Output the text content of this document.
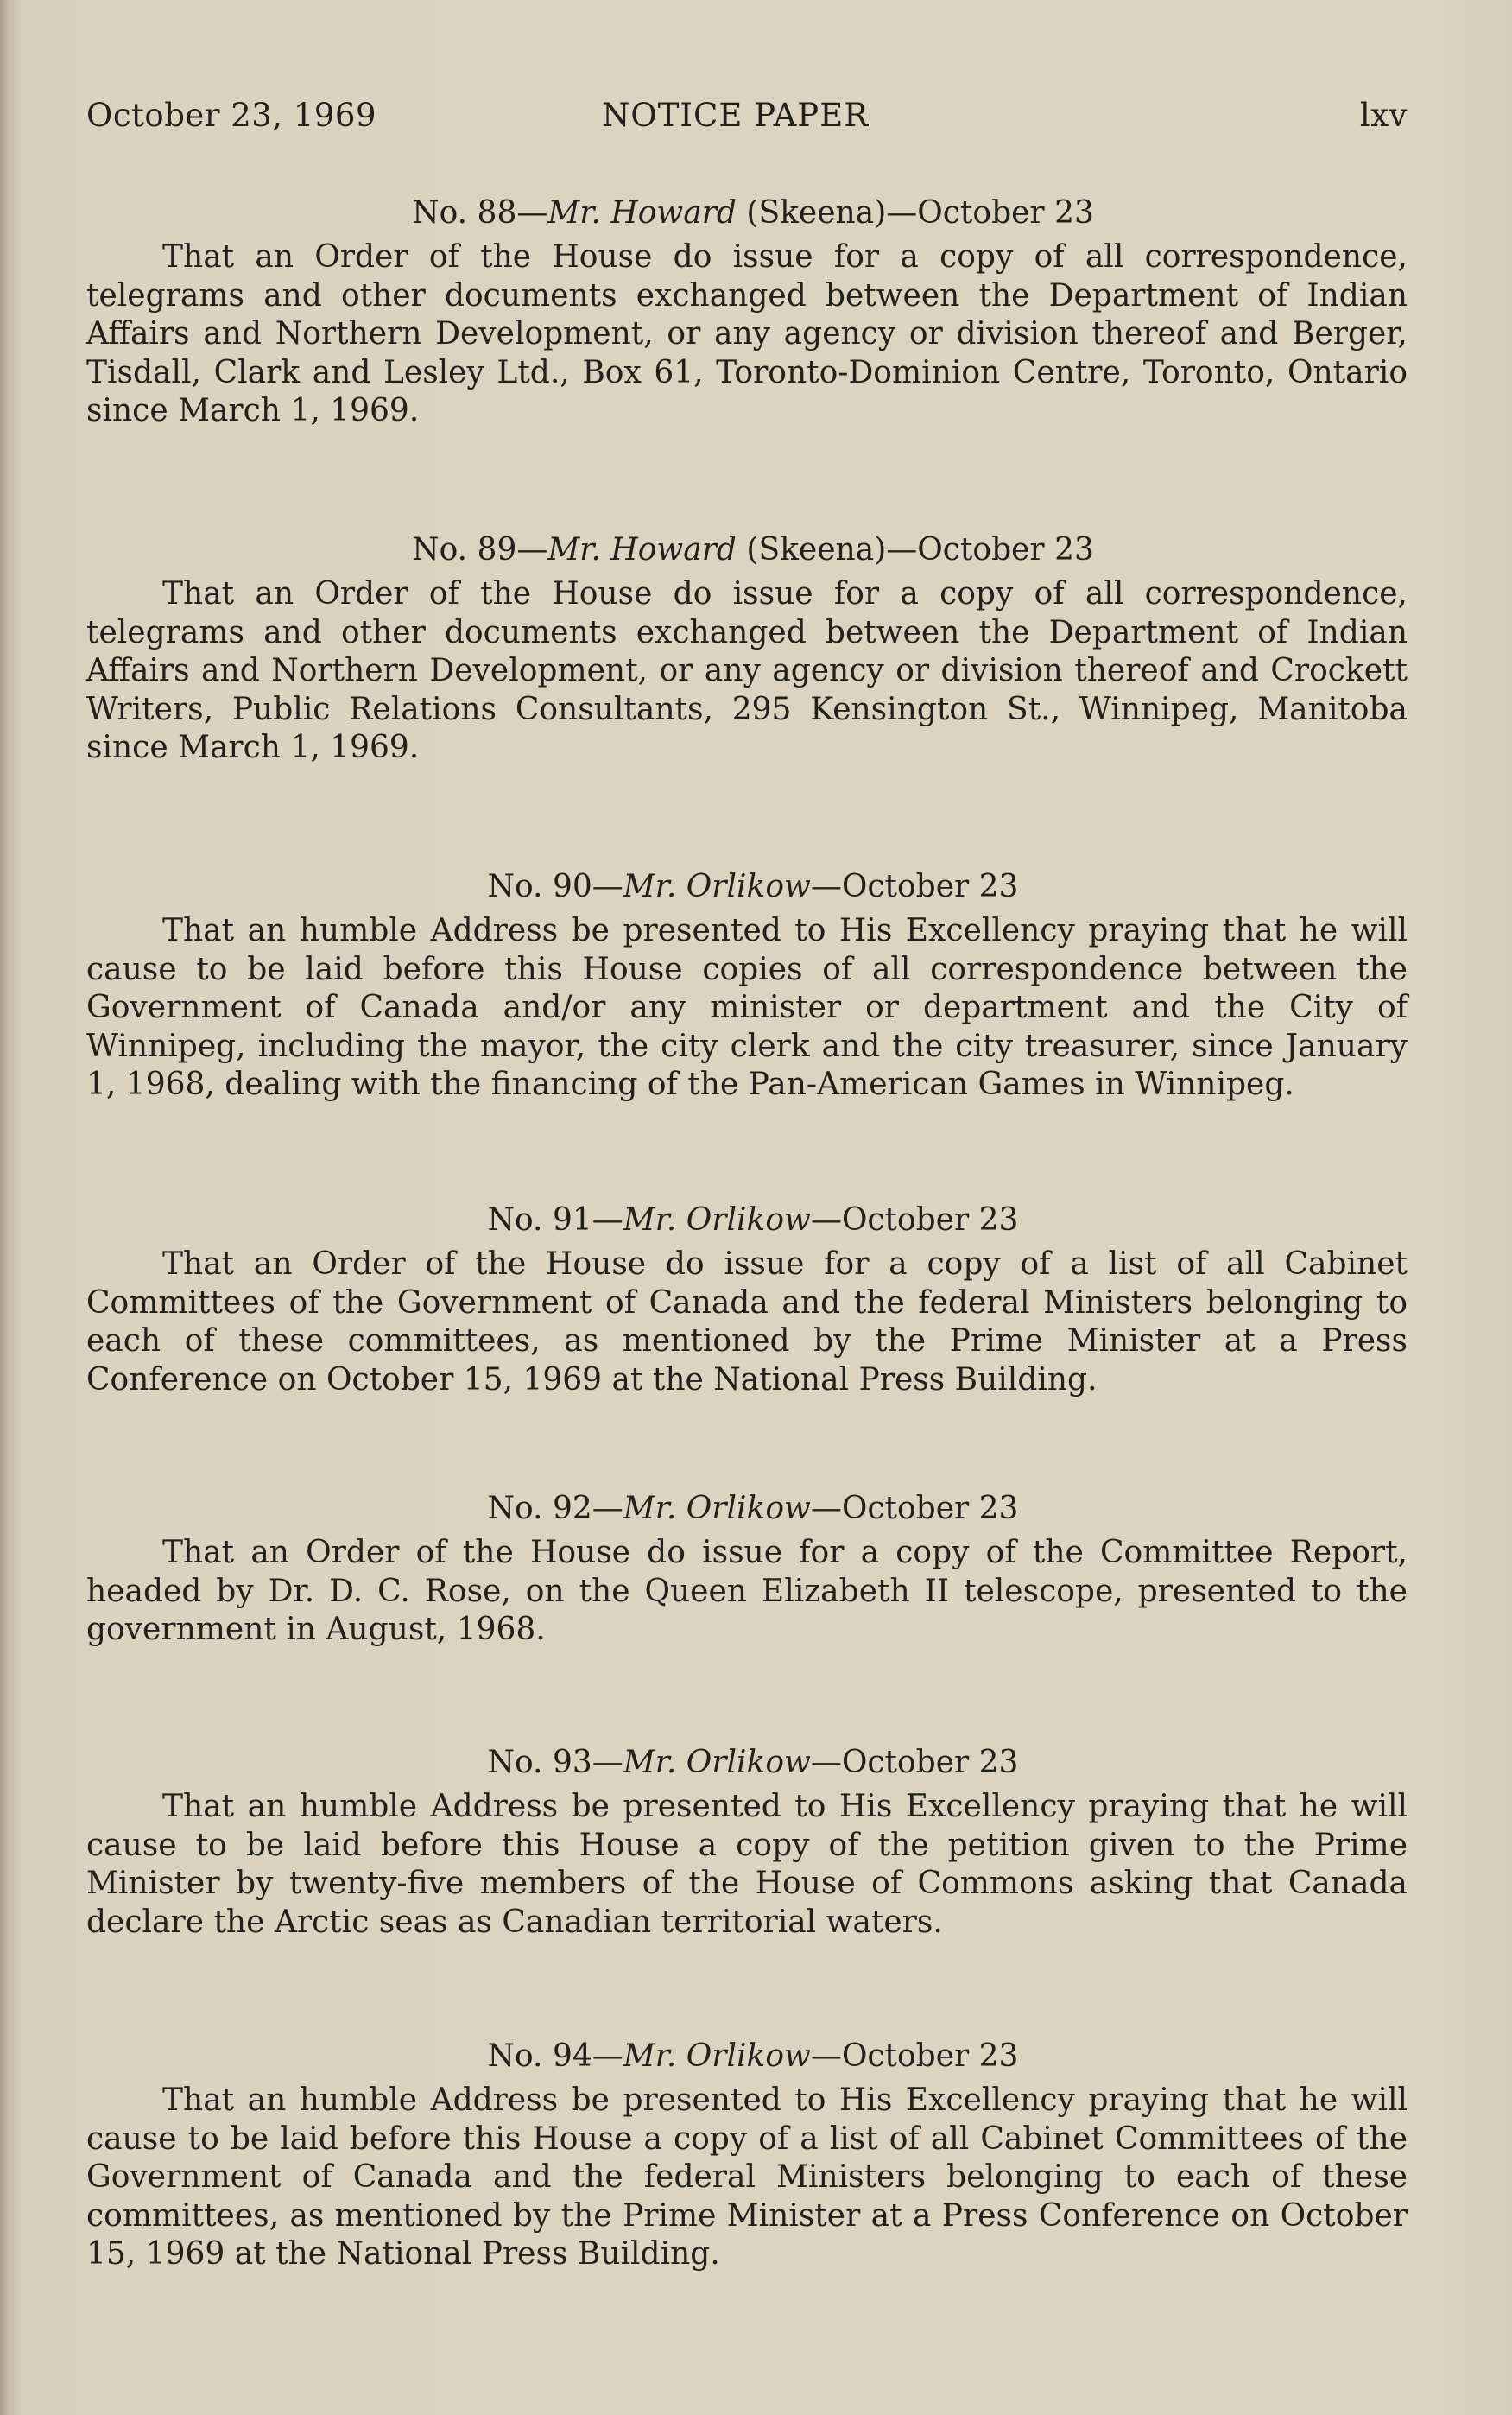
October 23, 1969	NOTICE PAPER	lxv
No. 88—Mr. Howard (Skeena)—October 23
That an Order of the House do issue for a copy of all correspondence, telegrams and other documents exchanged between the Department of Indian Affairs and Northern Development, or any agency or division thereof and Berger, Tisdall, Clark and Lesley Ltd., Box 61, Toronto-Dominion Centre, Toronto, Ontario since March 1, 1969.
No. 89—Mr. Howard (Skeena)—October 23
That an Order of the House do issue for a copy of all correspondence, telegrams and other documents exchanged between the Department of Indian Affairs and Northern Development, or any agency or division thereof and Crockett Writers, Public Relations Consultants, 295 Kensington St., Winnipeg, Manitoba since March 1, 1969.
No. 90—Mr. Orlikow—October 23
That an humble Address be presented to His Excellency praying that he will cause to be laid before this House copies of all correspondence between the Government of Canada and/or any minister or department and the City of Winnipeg, including the mayor, the city clerk and the city treasurer, since January 1, 1968, dealing with the financing of the Pan-American Games in Winnipeg.
No. 91—Mr. Orlikow—October 23
That an Order of the House do issue for a copy of a list of all Cabinet Committees of the Government of Canada and the federal Ministers belonging to each of these committees, as mentioned by the Prime Minister at a Press Conference on October 15, 1969 at the National Press Building.
No. 92—Mr. Orlikow—October 23
That an Order of the House do issue for a copy of the Committee Report, headed by Dr. D. C. Rose, on the Queen Elizabeth II telescope, presented to the government in August, 1968.
No. 93—Mr. Orlikow—October 23
That an humble Address be presented to His Excellency praying that he will cause to be laid before this House a copy of the petition given to the Prime Minister by twenty-five members of the House of Commons asking that Canada declare the Arctic seas as Canadian territorial waters.
No. 94—Mr. Orlikow—October 23
That an humble Address be presented to His Excellency praying that he will cause to be laid before this House a copy of a list of all Cabinet Committees of the Government of Canada and the federal Ministers belonging to each of these committees, as mentioned by the Prime Minister at a Press Conference on October 15, 1969 at the National Press Building.
